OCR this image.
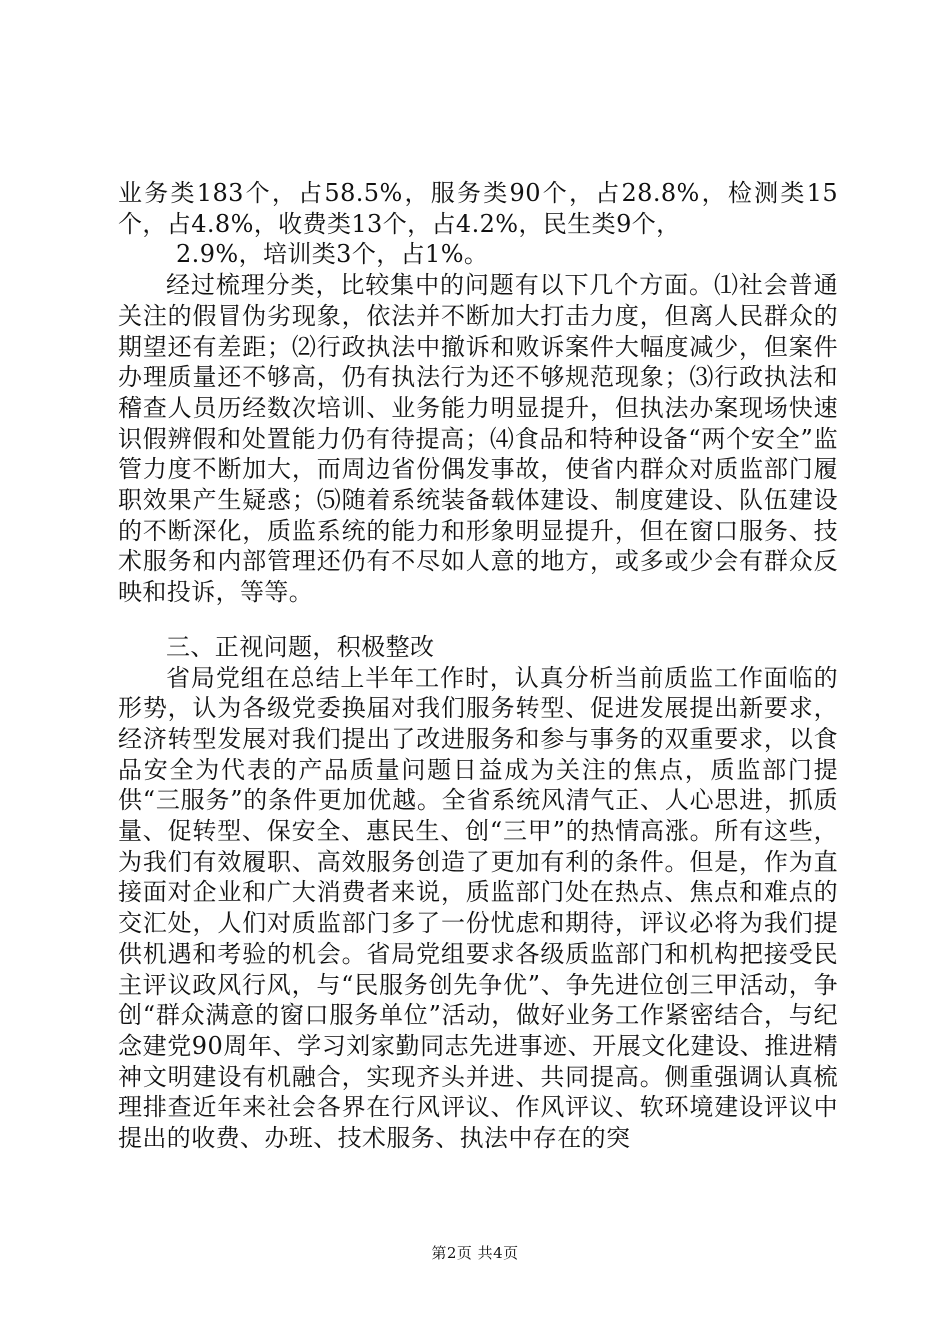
业务类183个，占58.5%，服务类90个，占28.8%，检测类15个，占4.8%，收费类13个，占4.2%，民生类9个，

2.9%，培训类3个，占1%。

经过梳理分类，比较集中的问题有以下几个方面。⑴社会普通关注的假冒伪劣现象，依法并不断加大打击力度，但离人民群众的期望还有差距；⑵行政执法中撤诉和败诉案件大幅度减少，但案件办理质量还不够高，仍有执法行为还不够规范现象；⑶行政执法和稽查人员历经数次培训、业务能力明显提升，但执法办案现场快速识假辨假和处置能力仍有待提高；⑷食品和特种设备“两个安全”监管力度不断加大，而周边省份偶发事故，使省内群众对质监部门履职效果产生疑惑；⑸随着系统装备载体建设、制度建设、队伍建设的不断深化，质监系统的能力和形象明显提升，但在窗口服务、技术服务和内部管理还仍有不尽如人意的地方，或多或少会有群众反映和投诉，等等。

三、正视问题，积极整改

省局党组在总结上半年工作时，认真分析当前质监工作面临的形势，认为各级党委换届对我们服务转型、促进发展提出新要求，经济转型发展对我们提出了改进服务和参与事务的双重要求，以食品安全为代表的产品质量问题日益成为关注的焦点，质监部门提供“三服务”的条件更加优越。全省系统风清气正、人心思进，抓质量、促转型、保安全、惠民生、创“三甲”的热情高涨。所有这些，为我们有效履职、高效服务创造了更加有利的条件。但是，作为直接面对企业和广大消费者来说，质监部门处在热点、焦点和难点的交汇处，人们对质监部门多了一份忧虑和期待，评议必将为我们提供机遇和考验的机会。省局党组要求各级质监部门和机构把接受民主评议政风行风，与“民服务创先争优”、争先进位创三甲活动，争创“群众满意的窗口服务单位”活动，做好业务工作紧密结合，与纪念建党90周年、学习刘家勤同志先进事迹、开展文化建设、推进精神文明建设有机融合，实现齐头并进、共同提高。侧重强调认真梳理排查近年来社会各界在行风评议、作风评议、软环境建设评议中提出的收费、办班、技术服务、执法中存在的突

第2页 共4页
